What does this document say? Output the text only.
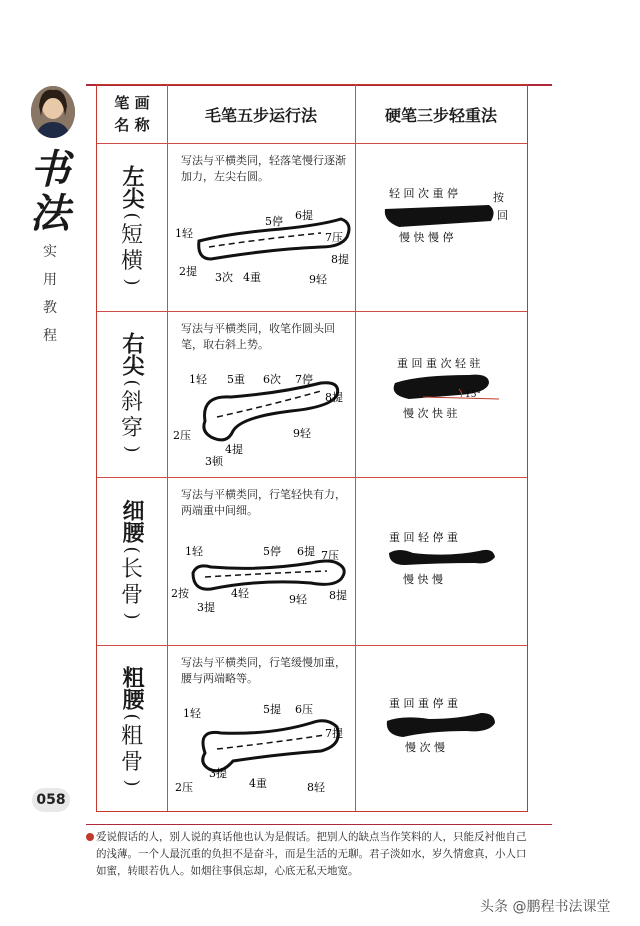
书
法
实
用
教
程
笔 画
名 称
毛笔五步运行法	硬笔三步轻重法
左尖
(
短
横
)
写法与平横类同，轻落笔慢行逐渐加力，左尖右圆。
1轻
2提 3次 4重
5停 6提
7压
8提
9轻
轻 回 次 重 停	按
回
慢 快 慢 停
右尖
(
斜
穿
)
写法与平横类同，收笔作圆头回笔，取右斜上势。
1轻
2压
3顿
4提
5重 6次 7停
8提
9轻
重 回 重 次 轻 驻
15°
慢 次 快 驻
细腰
(
长
骨
)
写法与平横类同，行笔轻快有力，两端重中间细。
1轻
2按
3提
4轻
5停 6提 7压
8提
9轻
重 回 轻 停 重
慢 快 慢
粗腰
(
粗
骨
)
写法与平横类同，行笔缓慢加重，腰与两端略等。
1轻
2压
3提
4重
5提 6压
7提
8轻
重 回 重 停 重
慢 次 慢
058
爱说假话的人，别人说的真话他也认为是假话。把别人的缺点当作笑料的人，只能反衬他自己的浅薄。一个人最沉重的负担不是奋斗，而是生活的无聊。君子淡如水，岁久情愈真，小人口如蜜，转眼若仇人。如烟往事俱忘却，心底无私天地宽。
头条 @鹏程书法课堂
